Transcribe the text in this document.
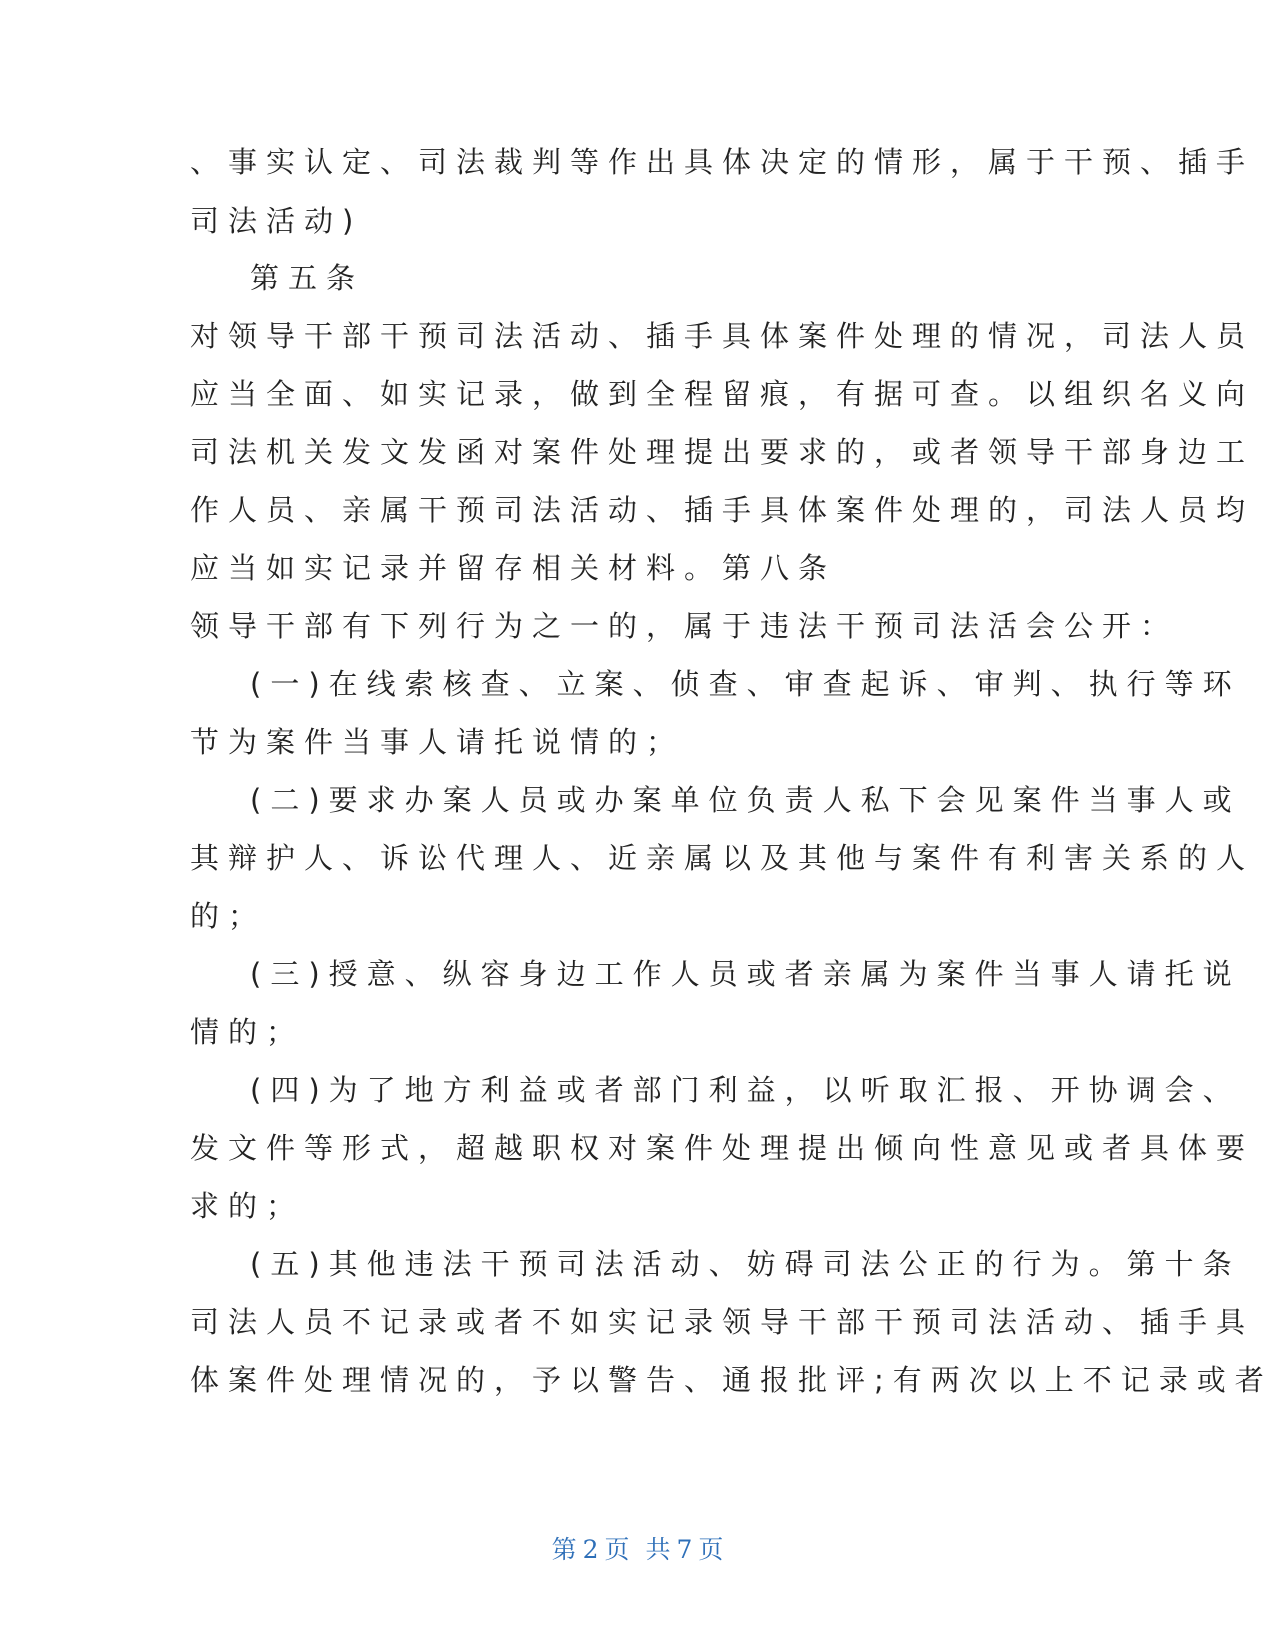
、事实认定、司法裁判等作出具体决定的情形，属于干预、插手
司法活动)
第五条
对领导干部干预司法活动、插手具体案件处理的情况，司法人员
应当全面、如实记录，做到全程留痕，有据可查。以组织名义向
司法机关发文发函对案件处理提出要求的，或者领导干部身边工
作人员、亲属干预司法活动、插手具体案件处理的，司法人员均
应当如实记录并留存相关材料。第八条
领导干部有下列行为之一的，属于违法干预司法活会公开：
(一)在线索核查、立案、侦查、审查起诉、审判、执行等环
节为案件当事人请托说情的；
(二)要求办案人员或办案单位负责人私下会见案件当事人或
其辩护人、诉讼代理人、近亲属以及其他与案件有利害关系的人
的；
(三)授意、纵容身边工作人员或者亲属为案件当事人请托说
情的；
(四)为了地方利益或者部门利益，以听取汇报、开协调会、
发文件等形式，超越职权对案件处理提出倾向性意见或者具体要
求的；
(五)其他违法干预司法活动、妨碍司法公正的行为。第十条
司法人员不记录或者不如实记录领导干部干预司法活动、插手具
体案件处理情况的，予以警告、通报批评;有两次以上不记录或者
第 2 页 共 7 页
